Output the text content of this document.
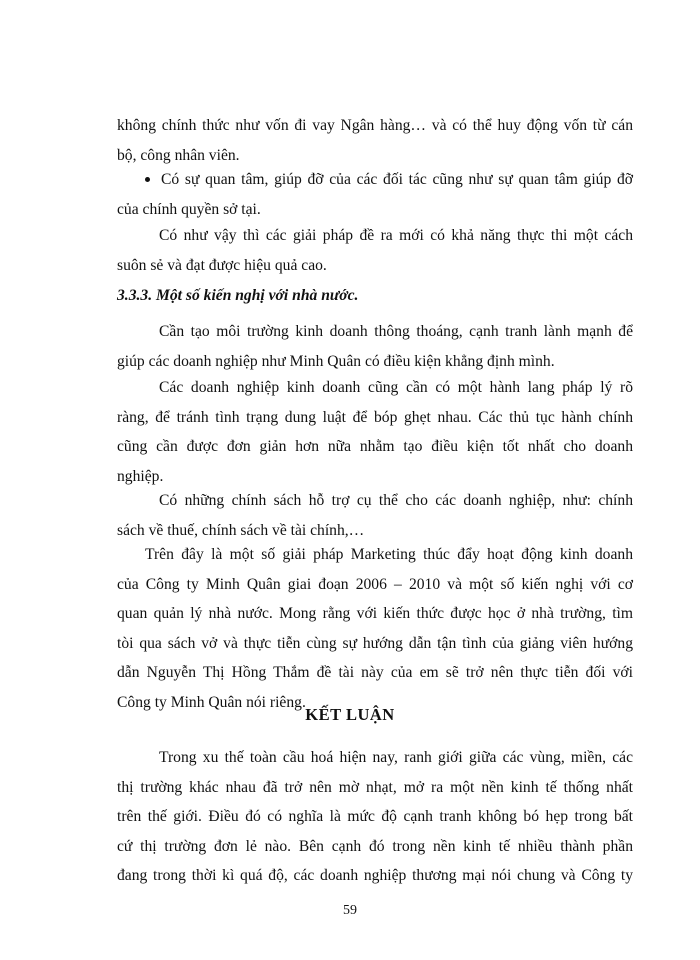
không chính thức như vốn đi vay Ngân hàng… và có thể huy động vốn từ cán
bộ, công nhân viên.
Có sự quan tâm, giúp đỡ của các đối tác cũng như sự quan tâm giúp đỡ
của chính quyền sở tại.
Có như vậy thì các giải pháp đề ra mới có khả năng thực thi một cách
suôn sẻ và đạt được hiệu quả cao.
3.3.3. Một số kiến nghị với nhà nước.
Cần tạo môi trường kinh doanh thông thoáng, cạnh tranh lành mạnh để
giúp các doanh nghiệp như Minh Quân có điều kiện khẳng định mình.
Các doanh nghiệp kinh doanh cũng cần có một hành lang pháp lý rõ
ràng, để tránh tình trạng dung luật để bóp ghẹt nhau. Các thủ tục hành chính
cũng cần được đơn giản hơn nữa nhằm tạo điều kiện tốt nhất cho doanh
nghiệp.
Có những chính sách hỗ trợ cụ thể cho các doanh nghiệp, như: chính
sách về thuế, chính sách về tài chính,…
Trên đây là một số giải pháp Marketing thúc đẩy hoạt động kinh doanh
của Công ty Minh Quân giai đoạn 2006 – 2010 và một số kiến nghị với cơ
quan quản lý nhà nước. Mong rằng với kiến thức được học ở nhà trường, tìm
tòi qua sách vở và thực tiễn cùng sự hướng dẫn tận tình của giảng viên hướng
dẫn Nguyễn Thị Hồng Thắm đề tài này của em sẽ trở nên thực tiễn đối với
Công ty Minh Quân nói riêng.
KẾT LUẬN
Trong xu thế toàn cầu hoá hiện nay, ranh giới giữa các vùng, miền, các
thị trường khác nhau đã trở nên mờ nhạt, mở ra một nền kinh tế thống nhất
trên thế giới. Điều đó có nghĩa là mức độ cạnh tranh không bó hẹp trong bất
cứ thị trường đơn lẻ nào. Bên cạnh đó trong nền kinh tế nhiều thành phần
đang trong thời kì quá độ, các doanh nghiệp thương mại nói chung và Công ty
59
